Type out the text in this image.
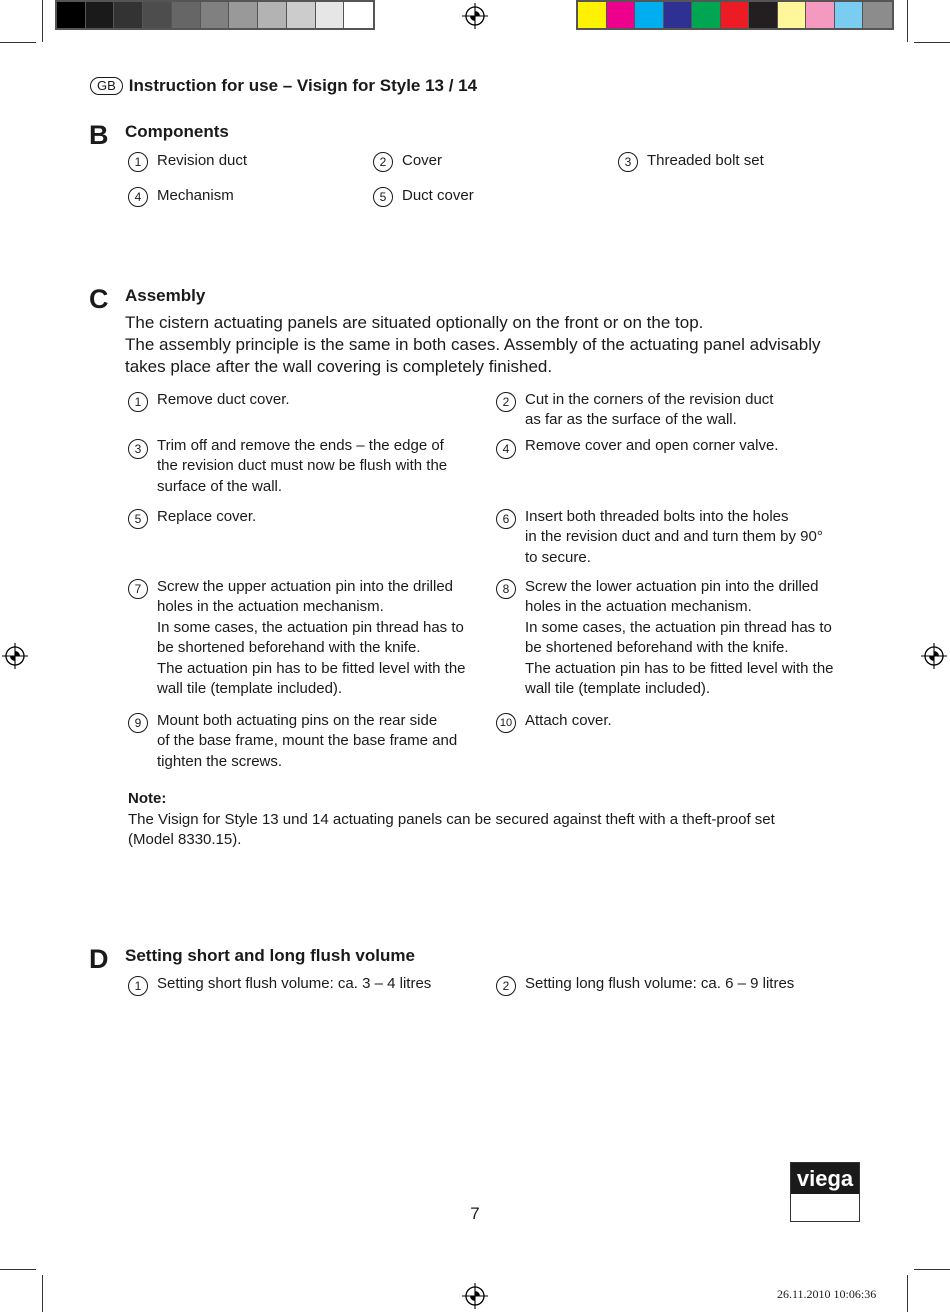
GB Instruction for use – Visign for Style 13 / 14
B Components
1	Revision duct	2	Cover	3	Threaded bolt set
4	Mechanism	5	Duct cover
C Assembly
The cistern actuating panels are situated optionally on the front or on the top.
The assembly principle is the same in both cases. Assembly of the actuating panel advisably
takes place after the wall covering is completely finished.
1	Remove duct cover.	2	Cut in the corners of the revision duct
as far as the surface of the wall.
3	Trim off and remove the ends – the edge of
the revision duct must now be flush with the
surface of the wall.
4	Remove cover and open corner valve.
5	Replace cover.	6	Insert both threaded bolts into the holes
in the revision duct and and turn them by 90°
to secure.
7	Screw the upper actuation pin into the drilled
holes in the actuation mechanism.
In some cases, the actuation pin thread has to
be shortened beforehand with the knife.
The actuation pin has to be fitted level with the
wall tile (template included).
8	Screw the lower actuation pin into the drilled
holes in the actuation mechanism.
In some cases, the actuation pin thread has to
be shortened beforehand with the knife.
The actuation pin has to be fitted level with the
wall tile (template included).
9	Mount both actuating pins on the rear side
of the base frame, mount the base frame and
tighten the screws.
10 Attach cover.
Note:
The Visign for Style 13 und 14 actuating panels can be secured against theft with a theft-proof set
(Model 8330.15).
D Setting short and long flush volume
1	Setting short flush volume: ca. 3 – 4 litres	2	Setting long flush volume: ca. 6 – 9 litres
7
viega
26.11.2010 10:06:36
